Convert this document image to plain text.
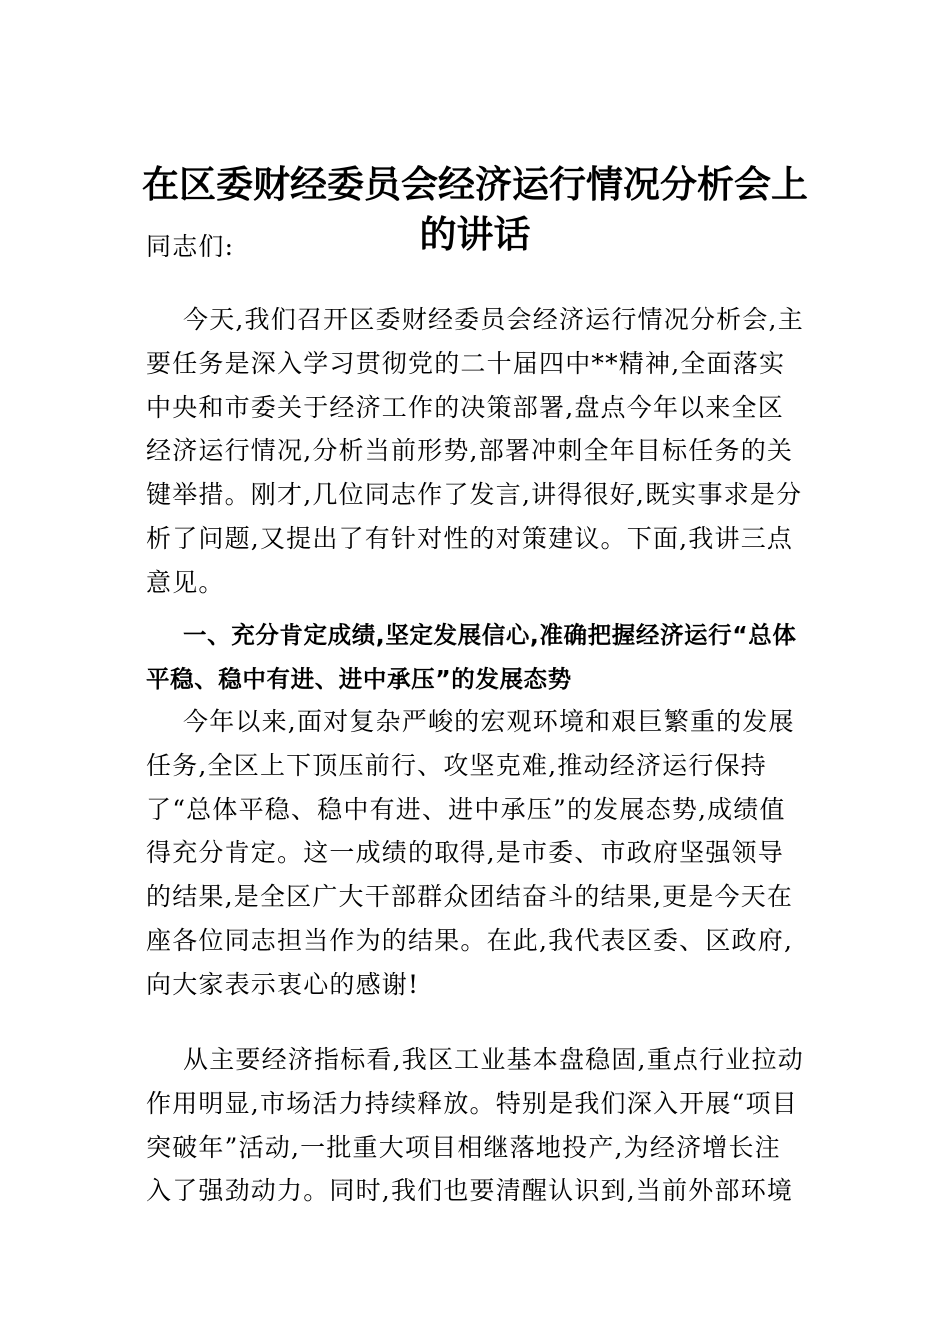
在区委财经委员会经济运行情况分析会上
的讲话

同志们:

今天,我们召开区委财经委员会经济运行情况分析会,主要任务是深入学习贯彻党的二十届四中**精神,全面落实中央和市委关于经济工作的决策部署,盘点今年以来全区经济运行情况,分析当前形势,部署冲刺全年目标任务的关键举措。刚才,几位同志作了发言,讲得很好,既实事求是分析了问题,又提出了有针对性的对策建议。下面,我讲三点意见。

一、充分肯定成绩,坚定发展信心,准确把握经济运行“总体平稳、稳中有进、进中承压”的发展态势

今年以来,面对复杂严峻的宏观环境和艰巨繁重的发展任务,全区上下顶压前行、攻坚克难,推动经济运行保持了“总体平稳、稳中有进、进中承压”的发展态势,成绩值得充分肯定。这一成绩的取得,是市委、市政府坚强领导的结果,是全区广大干部群众团结奋斗的结果,更是今天在座各位同志担当作为的结果。在此,我代表区委、区政府,向大家表示衷心的感谢!

从主要经济指标看,我区工业基本盘稳固,重点行业拉动作用明显,市场活力持续释放。特别是我们深入开展“项目突破年”活动,一批重大项目相继落地投产,为经济增长注入了强劲动力。同时,我们也要清醒认识到,当前外部环境
